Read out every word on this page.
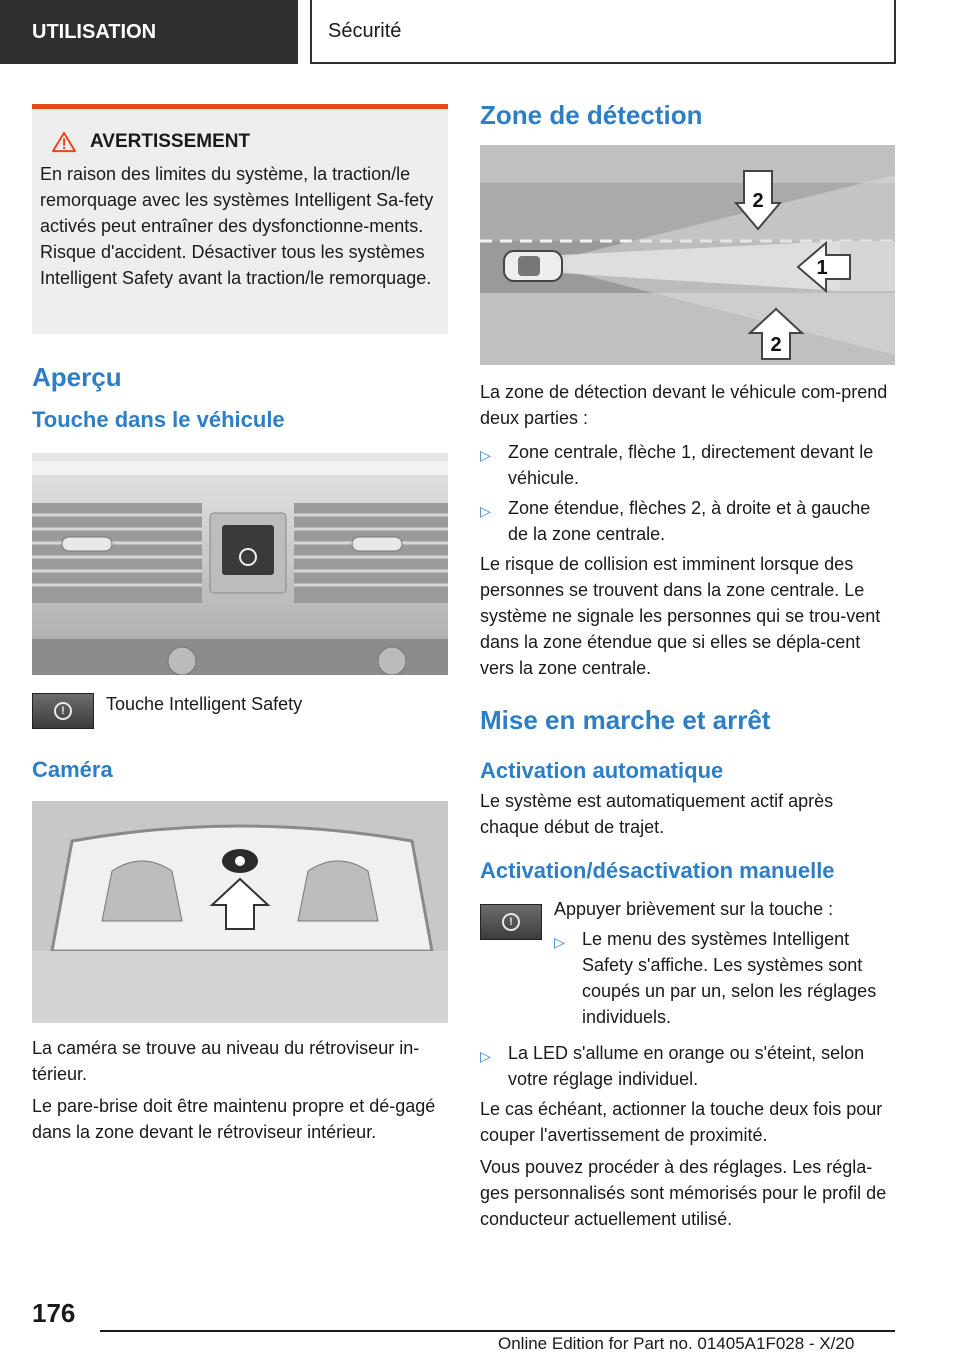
UTILISATION	Sécurité
AVERTISSEMENT

En raison des limites du système, la traction/le remorquage avec les systèmes Intelligent Sa-fety activés peut entraîner des dysfonctionne-ments. Risque d'accident. Désactiver tous les systèmes Intelligent Safety avant la traction/le remorquage.

Aperçu
Touche dans le véhicule
!	Touche Intelligent Safety

Caméra

La caméra se trouve au niveau du rétroviseur in-térieur.

Le pare-brise doit être maintenu propre et dé-gagé dans la zone devant le rétroviseur intérieur.

Zone de détection
2
1
2

La zone de détection devant le véhicule com-prend deux parties :

▷ Zone centrale, flèche 1, directement devant le véhicule.
▷ Zone étendue, flèches 2, à droite et à gauche de la zone centrale.

Le risque de collision est imminent lorsque des personnes se trouvent dans la zone centrale. Le système ne signale les personnes qui se trou-vent dans la zone étendue que si elles se dépla-cent vers la zone centrale.

Mise en marche et arrêt
Activation automatique

Le système est automatiquement actif après chaque début de trajet.

Activation/désactivation manuelle
!

Appuyer brièvement sur la touche :

▷ Le menu des systèmes Intelligent Safety s'affiche. Les systèmes sont coupés un par un, selon les réglages individuels.
▷ La LED s'allume en orange ou s'éteint, selon votre réglage individuel.

Le cas échéant, actionner la touche deux fois pour couper l'avertissement de proximité.

Vous pouvez procéder à des réglages. Les régla-ges personnalisés sont mémorisés pour le profil de conducteur actuellement utilisé.

176
Online Edition for Part no. 01405A1F028 - X/20
